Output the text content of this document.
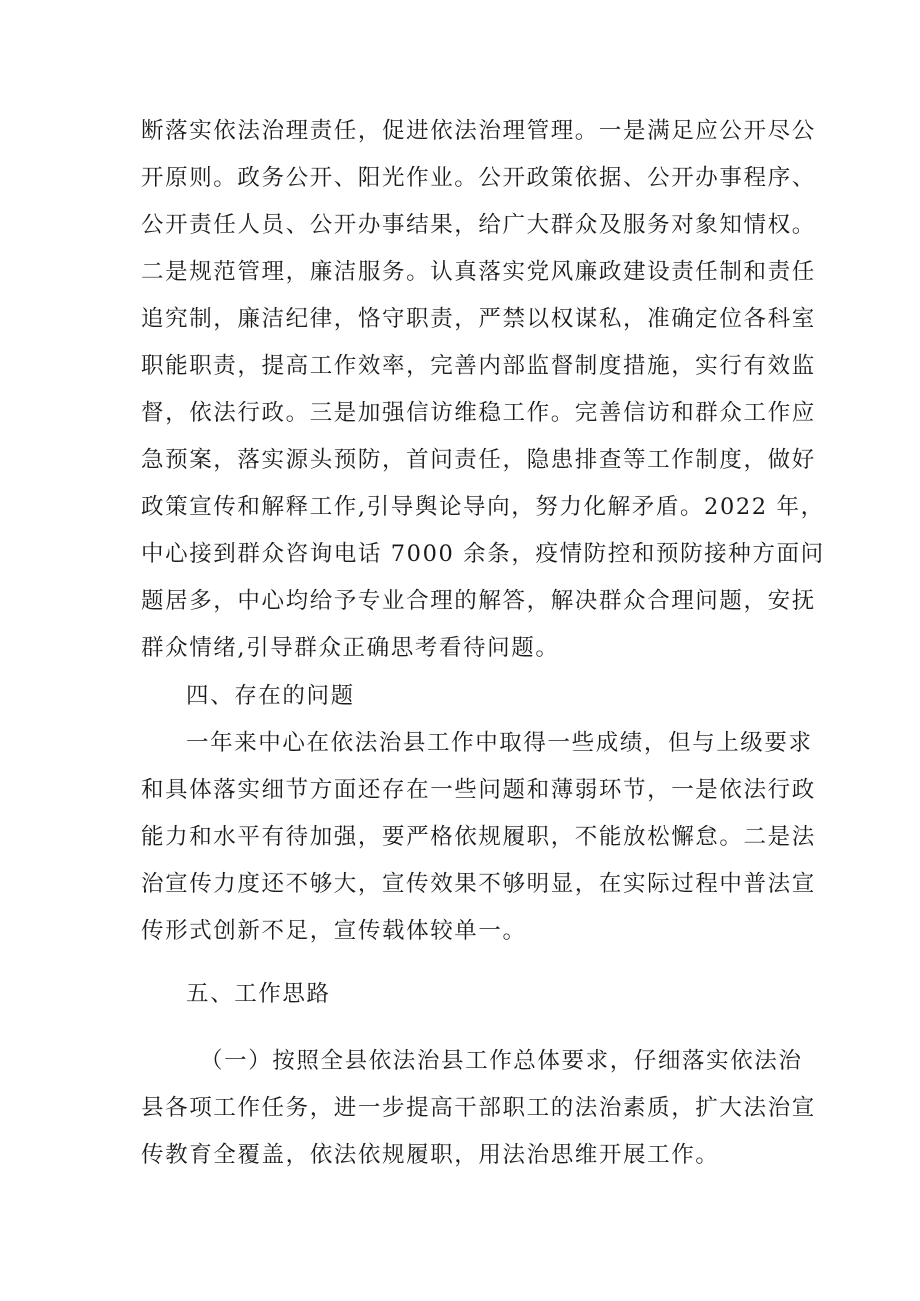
断落实依法治理责任，促进依法治理管理。一是满足应公开尽公
开原则。政务公开、阳光作业。公开政策依据、公开办事程序、
公开责任人员、公开办事结果，给广大群众及服务对象知情权。
二是规范管理，廉洁服务。认真落实党风廉政建设责任制和责任
追究制，廉洁纪律，恪守职责，严禁以权谋私，准确定位各科室
职能职责，提高工作效率，完善内部监督制度措施，实行有效监
督，依法行政。三是加强信访维稳工作。完善信访和群众工作应
急预案，落实源头预防，首问责任，隐患排查等工作制度，做好
政策宣传和解释工作,引导舆论导向，努力化解矛盾。2022 年，
中心接到群众咨询电话 7000 余条，疫情防控和预防接种方面问
题居多，中心均给予专业合理的解答，解决群众合理问题，安抚
群众情绪,引导群众正确思考看待问题。
四、存在的问题
一年来中心在依法治县工作中取得一些成绩，但与上级要求
和具体落实细节方面还存在一些问题和薄弱环节，一是依法行政
能力和水平有待加强，要严格依规履职，不能放松懈怠。二是法
治宣传力度还不够大，宣传效果不够明显，在实际过程中普法宣
传形式创新不足，宣传载体较单一。
五、工作思路
（一）按照全县依法治县工作总体要求，仔细落实依法治
县各项工作任务，进一步提高干部职工的法治素质，扩大法治宣
传教育全覆盖，依法依规履职，用法治思维开展工作。
